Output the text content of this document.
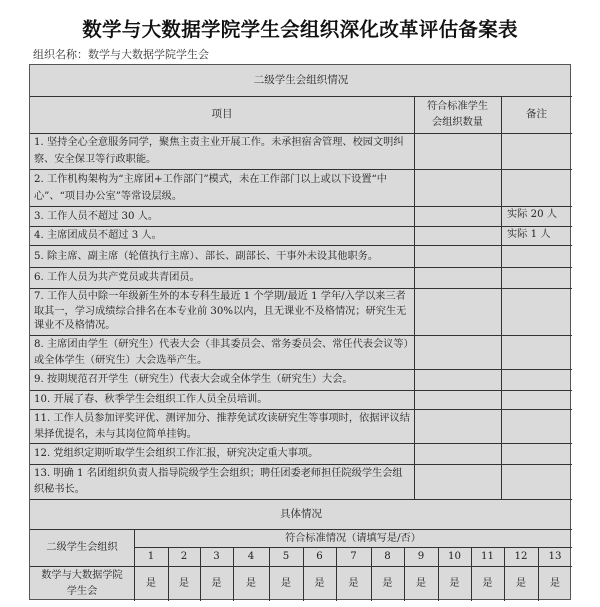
数学与大数据学院学生会组织深化改革评估备案表
组织名称：数学与大数据学院学生会
二级学生会组织情况
项目
符合标准学生
会组织数量
备注
1. 坚持全心全意服务同学，聚焦主责主业开展工作。未承担宿舍管理、校园文明纠察、安全保卫等行政职能。
2. 工作机构架构为“主席团+工作部门”模式，未在工作部门以上或以下设置“中心”、“项目办公室”等常设层级。
3. 工作人员不超过 30 人。	实际 20 人
4. 主席团成员不超过 3 人。	实际 1 人
5. 除主席、副主席（轮值执行主席）、部长、副部长、干事外未设其他职务。
6. 工作人员为共产党员或共青团员。
7. 工作人员中除一年级新生外的本专科生最近 1 个学期/最近 1 学年/入学以来三者取其一，学习成绩综合排名在本专业前 30%以内，且无课业不及格情况；研究生无课业不及格情况。
8. 主席团由学生（研究生）代表大会（非其委员会、常务委员会、常任代表会议等）或全体学生（研究生）大会选举产生。
9. 按期规范召开学生（研究生）代表大会或全体学生（研究生）大会。
10. 开展了春、秋季学生会组织工作人员全员培训。
11. 工作人员参加评奖评优、测评加分、推荐免试攻读研究生等事项时，依据评议结果择优提名，未与其岗位简单挂钩。
12. 党组织定期听取学生会组织工作汇报，研究决定重大事项。
13. 明确 1 名团组织负责人指导院级学生会组织；聘任团委老师担任院级学生会组织秘书长。
具体情况
二级学生会组织
符合标准情况（请填写是/否）
1
是
2
是
3
是
4
是
5
是
6
是
7
是
8
是
9
是
10
是
11
是
12
是
13
是
数学与大数据学院
学生会
